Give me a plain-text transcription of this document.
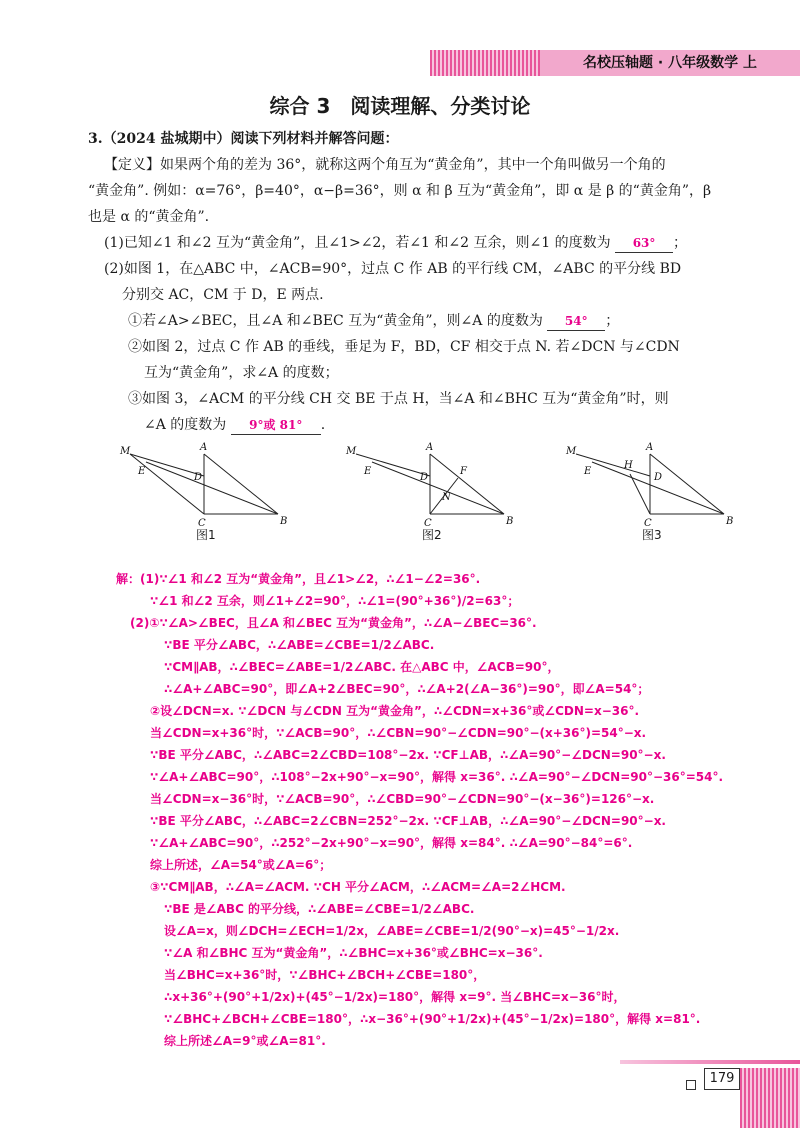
名校压轴题 · 八年级数学 上
综合 3　阅读理解、分类讨论

3.（2024 盐城期中）阅读下列材料并解答问题：

【定义】如果两个角的差为 36°，就称这两个角互为“黄金角”，其中一个角叫做另一个角的

“黄金角”. 例如：α=76°，β=40°，α−β=36°，则 α 和 β 互为“黄金角”，即 α 是 β 的“黄金角”，β

也是 α 的“黄金角”.

(1)已知∠1 和∠2 互为“黄金角”，且∠1>∠2，若∠1 和∠2 互余，则∠1 的度数为 63° ；

(2)如图 1，在△ABC 中，∠ACB=90°，过点 C 作 AB 的平行线 CM，∠ABC 的平分线 BD

分别交 AC，CM 于 D，E 两点.

①若∠A>∠BEC，且∠A 和∠BEC 互为“黄金角”，则∠A 的度数为 54° ；

②如图 2，过点 C 作 AB 的垂线，垂足为 F，BD，CF 相交于点 N. 若∠DCN 与∠CDN

互为“黄金角”，求∠A 的度数；

③如图 3，∠ACM 的平分线 CH 交 BE 于点 H，当∠A 和∠BHC 互为“黄金角”时，则

∠A 的度数为 9°或 81° .

M
E
A
D
C	B
图1
M
E
A
D
F
N
C	B
图2
M
E
A
H
D
C	B
图3

解：(1)∵∠1 和∠2 互为“黄金角”，且∠1>∠2，∴∠1−∠2=36°.

∵∠1 和∠2 互余，则∠1+∠2=90°，∴∠1=(90°+36°)/2=63°；

(2)①∵∠A>∠BEC，且∠A 和∠BEC 互为“黄金角”，∴∠A−∠BEC=36°.

∵BE 平分∠ABC，∴∠ABE=∠CBE=1/2∠ABC.

∵CM∥AB，∴∠BEC=∠ABE=1/2∠ABC. 在△ABC 中，∠ACB=90°，

∴∠A+∠ABC=90°，即∠A+2∠BEC=90°，∴∠A+2(∠A−36°)=90°，即∠A=54°；

②设∠DCN=x. ∵∠DCN 与∠CDN 互为“黄金角”，∴∠CDN=x+36°或∠CDN=x−36°.

当∠CDN=x+36°时，∵∠ACB=90°，∴∠CBN=90°−∠CDN=90°−(x+36°)=54°−x.

∵BE 平分∠ABC，∴∠ABC=2∠CBD=108°−2x. ∵CF⊥AB，∴∠A=90°−∠DCN=90°−x.

∵∠A+∠ABC=90°，∴108°−2x+90°−x=90°，解得 x=36°. ∴∠A=90°−∠DCN=90°−36°=54°.

当∠CDN=x−36°时，∵∠ACB=90°，∴∠CBD=90°−∠CDN=90°−(x−36°)=126°−x.

∵BE 平分∠ABC，∴∠ABC=2∠CBN=252°−2x. ∵CF⊥AB，∴∠A=90°−∠DCN=90°−x.

∵∠A+∠ABC=90°，∴252°−2x+90°−x=90°，解得 x=84°. ∴∠A=90°−84°=6°.

综上所述，∠A=54°或∠A=6°；

③∵CM∥AB，∴∠A=∠ACM. ∵CH 平分∠ACM，∴∠ACM=∠A=2∠HCM.

∵BE 是∠ABC 的平分线，∴∠ABE=∠CBE=1/2∠ABC.

设∠A=x，则∠DCH=∠ECH=1/2x，∠ABE=∠CBE=1/2(90°−x)=45°−1/2x.

∵∠A 和∠BHC 互为“黄金角”，∴∠BHC=x+36°或∠BHC=x−36°.

当∠BHC=x+36°时，∵∠BHC+∠BCH+∠CBE=180°，

∴x+36°+(90°+1/2x)+(45°−1/2x)=180°，解得 x=9°. 当∠BHC=x−36°时，

∵∠BHC+∠BCH+∠CBE=180°，∴x−36°+(90°+1/2x)+(45°−1/2x)=180°，解得 x=81°.

综上所述∠A=9°或∠A=81°.

179
